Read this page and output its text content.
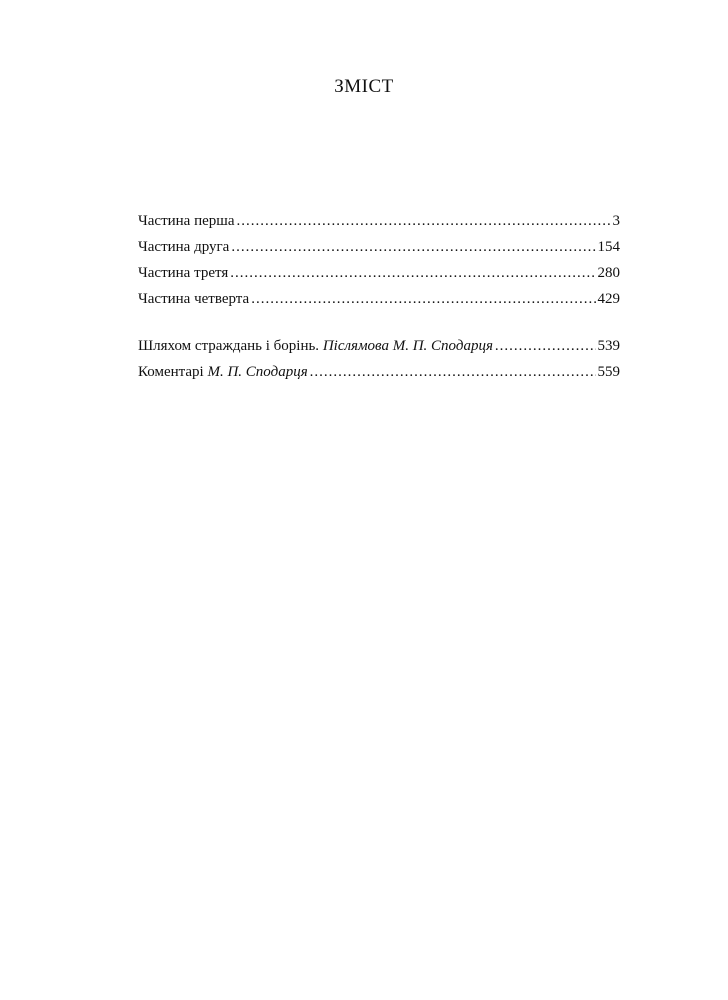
ЗМІСТ
Частина перша .....	3
Частина друга .....	154
Частина третя .....	280
Частина четверта .....	429
Шляхом страждань і борінь. Післямова М. П. Сподарця .....	539
Коментарі М. П. Сподарця .....	559
